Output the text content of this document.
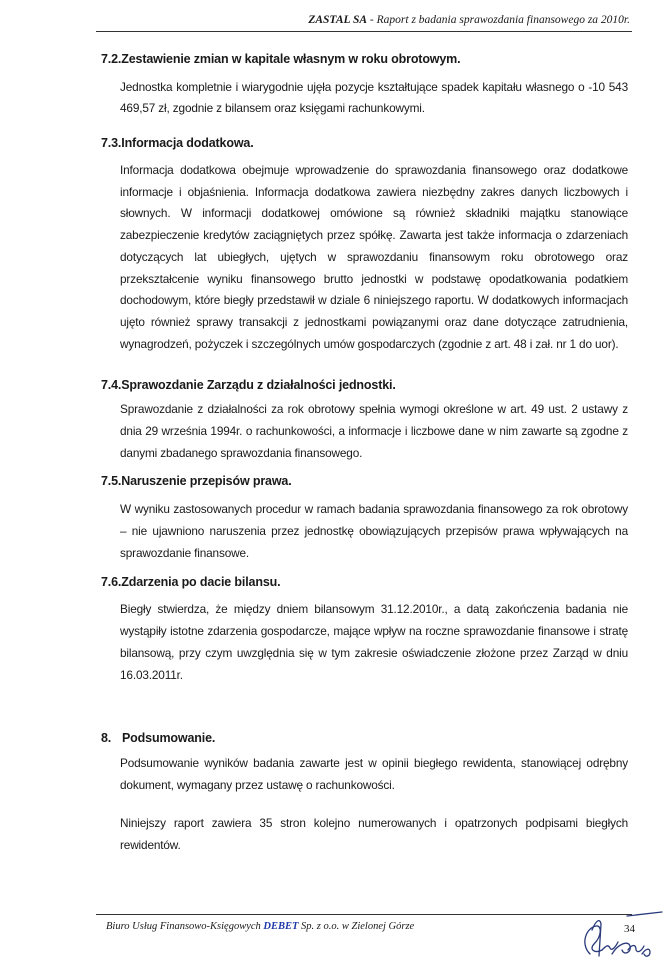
ZASTAL SA - Raport z badania sprawozdania finansowego za 2010r.
7.2.Zestawienie zmian w kapitale własnym w roku obrotowym.

Jednostka kompletnie i wiarygodnie ujęła pozycje kształtujące spadek kapitału własnego o -10 543 469,57 zł, zgodnie z bilansem oraz księgami rachunkowymi.

7.3.Informacja dodatkowa.

Informacja dodatkowa obejmuje wprowadzenie do sprawozdania finansowego oraz dodatkowe informacje i objaśnienia. Informacja dodatkowa zawiera niezbędny zakres danych liczbowych i słownych. W informacji dodatkowej omówione są również składniki majątku stanowiące zabezpieczenie kredytów zaciągniętych przez spółkę. Zawarta jest także informacja o zdarzeniach dotyczących lat ubiegłych, ujętych w sprawozdaniu finansowym roku obrotowego oraz przekształcenie wyniku finansowego brutto jednostki w podstawę opodatkowania podatkiem dochodowym, które biegły przedstawił w dziale 6 niniejszego raportu. W dodatkowych informacjach ujęto również sprawy transakcji z jednostkami powiązanymi oraz dane dotyczące zatrudnienia, wynagrodzeń, pożyczek i szczególnych umów gospodarczych (zgodnie z art. 48 i zał. nr 1 do uor).

7.4.Sprawozdanie Zarządu z działalności jednostki.

Sprawozdanie z działalności za rok obrotowy spełnia wymogi określone w art. 49 ust. 2 ustawy z dnia 29 września 1994r. o rachunkowości, a informacje i liczbowe dane w nim zawarte są zgodne z danymi zbadanego sprawozdania finansowego.

7.5.Naruszenie przepisów prawa.

W wyniku zastosowanych procedur w ramach badania sprawozdania finansowego za rok obrotowy – nie ujawniono naruszenia przez jednostkę obowiązujących przepisów prawa wpływających na sprawozdanie finansowe.

7.6.Zdarzenia po dacie bilansu.

Biegły stwierdza, że między dniem bilansowym 31.12.2010r., a datą zakończenia badania nie wystąpiły istotne zdarzenia gospodarcze, mające wpływ na roczne sprawozdanie finansowe i stratę bilansową, przy czym uwzględnia się w tym zakresie oświadczenie złożone przez Zarząd w dniu 16.03.2011r.

8. Podsumowanie.

Podsumowanie wyników badania zawarte jest w opinii biegłego rewidenta, stanowiącej odrębny dokument, wymagany przez ustawę o rachunkowości.

Niniejszy raport zawiera 35 stron kolejno numerowanych i opatrzonych podpisami biegłych rewidentów.

Biuro Usług Finansowo-Księgowych DEBET Sp. z o.o. w Zielonej Górze	34
